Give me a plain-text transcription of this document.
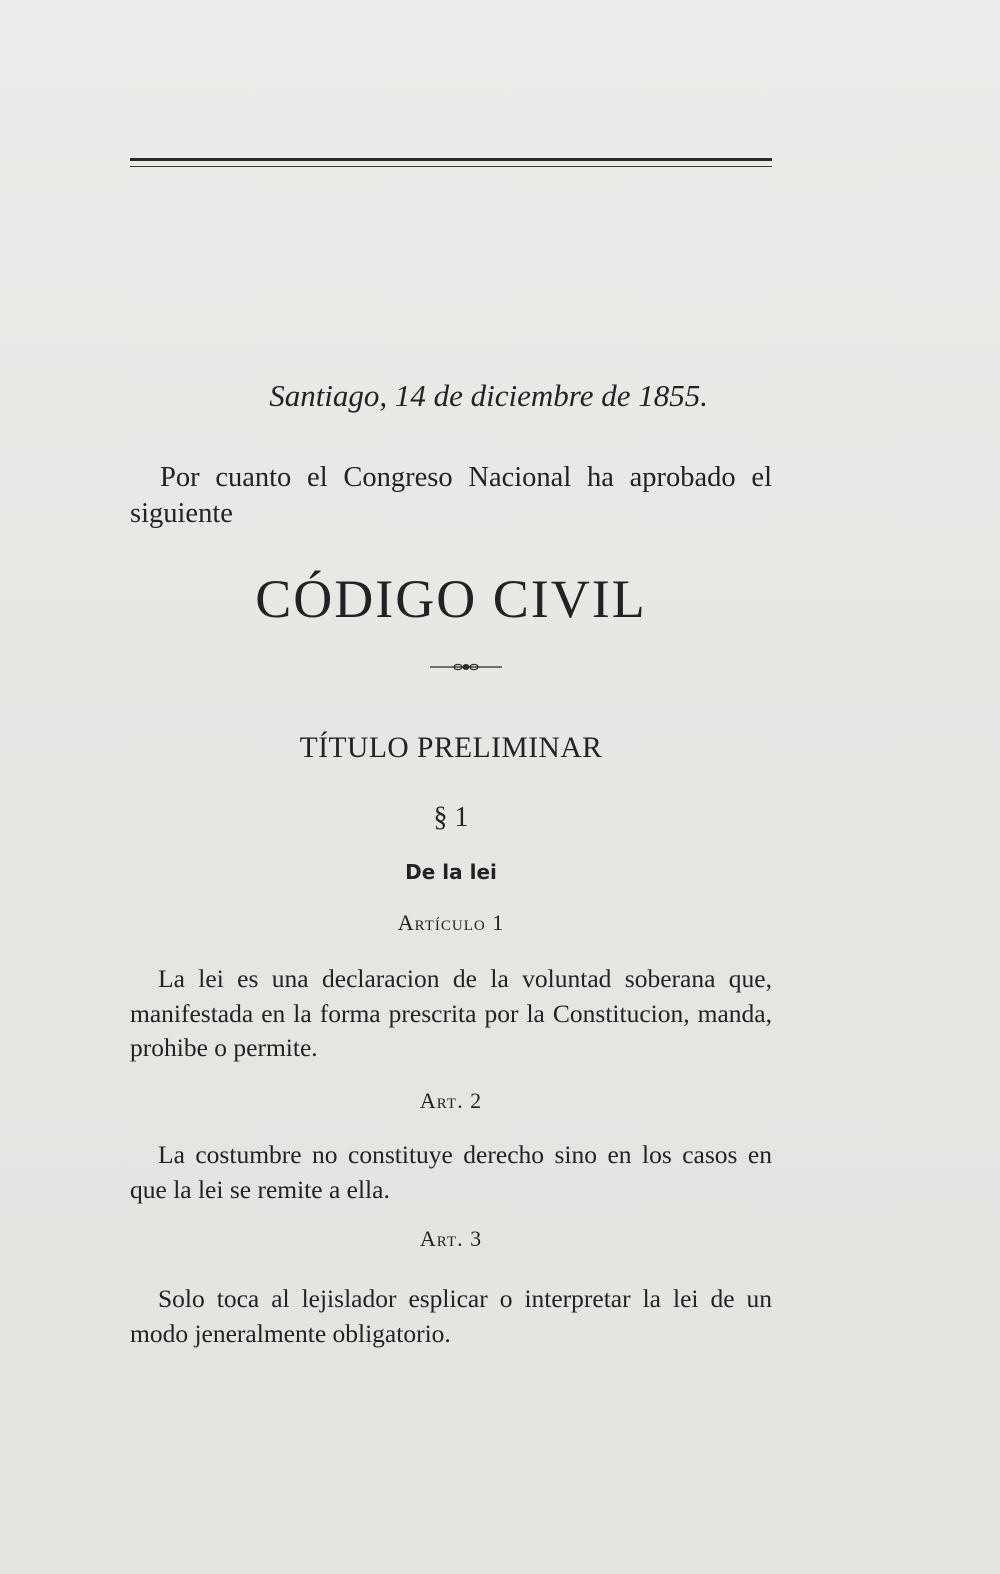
Santiago, 14 de diciembre de 1855.
Por cuanto el Congreso Nacional ha aprobado el siguiente
CÓDIGO CIVIL
TÍTULO PRELIMINAR
§ 1
De la lei
Artículo 1
La lei es una declaracion de la voluntad soberana que, manifestada en la forma prescrita por la Constitucion, manda, prohibe o permite.
Art. 2
La costumbre no constituye derecho sino en los casos en que la lei se remite a ella.
Art. 3
Solo toca al lejislador esplicar o interpretar la lei de un modo jeneralmente obligatorio.
